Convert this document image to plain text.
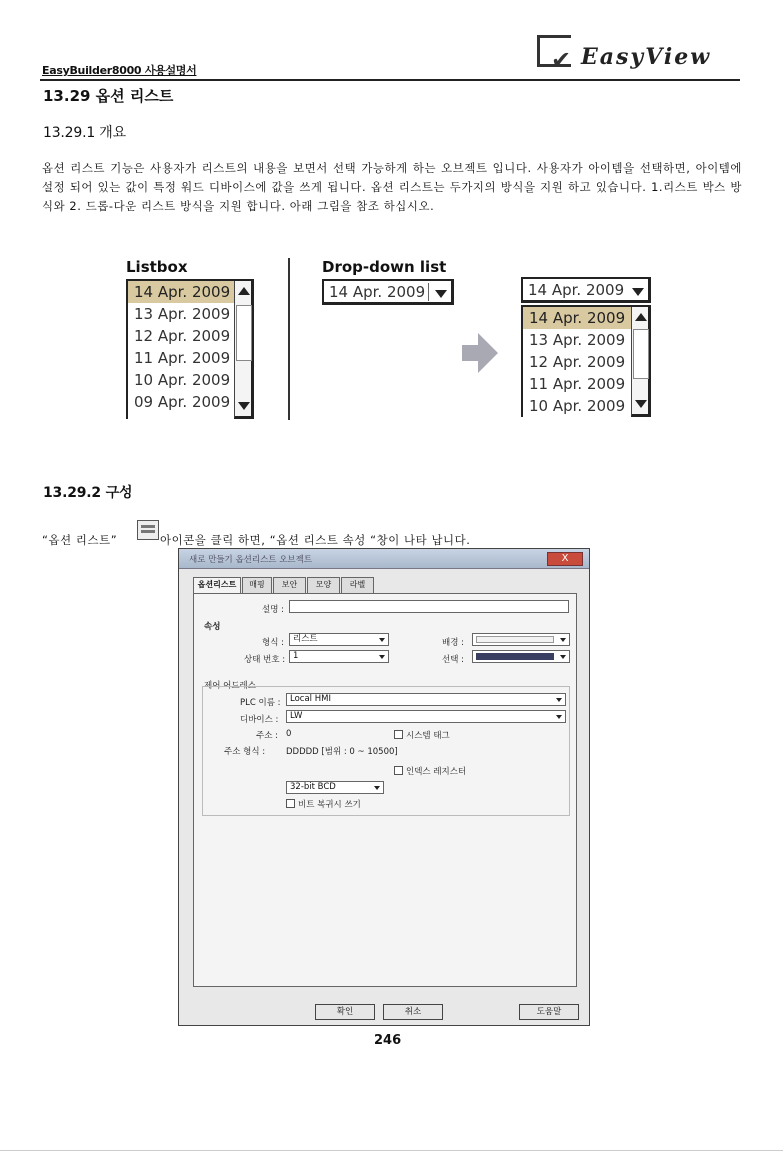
✔ EasyView
EasyBuilder8000 사용설명서
13.29 옵션 리스트
13.29.1 개요

옵션 리스트 기능은 사용자가 리스트의 내용을 보면서 선택 가능하게 하는 오브젝트 입니다. 사용자가 아이템을 선택하면, 아이템에 설정 되어 있는 값이 특정 워드 디바이스에 값을 쓰게 됩니다. 옵션 리스트는 두가지의 방식을 지원 하고 있습니다. 1.리스트 박스 방식와 2. 드롭-다운 리스트 방식을 지원 합니다. 아래 그림을 참조 하십시오.

Listbox
14 Apr. 2009
13 Apr. 2009
12 Apr. 2009
11 Apr. 2009
10 Apr. 2009
09 Apr. 2009
Drop-down list
14 Apr. 2009	14 Apr. 2009
14 Apr. 2009
13 Apr. 2009
12 Apr. 2009
11 Apr. 2009
10 Apr. 2009
13.29.2 구성
“옵션 리스트”	아이콘을 클릭 하면, “옵션 리스트 속성 “창이 나타 납니다.
새로 만들기 옵션리스트 오브젝트	X
옵션리스트	매핑	보안	모양	라벨
설명 :
속성
형식 :	리스트	배경 :
상태 번호 : 1	선택 :
제어 어드레스
PLC 이름 :	Local HMI
디바이스 :	LW
주소 : 0	시스템 태그
주소 형식 : DDDDD [범위 : 0 ~ 10500]
인덱스 레지스터
32-bit BCD
비트 복귀시 쓰기
확인	취소	도움말
246
